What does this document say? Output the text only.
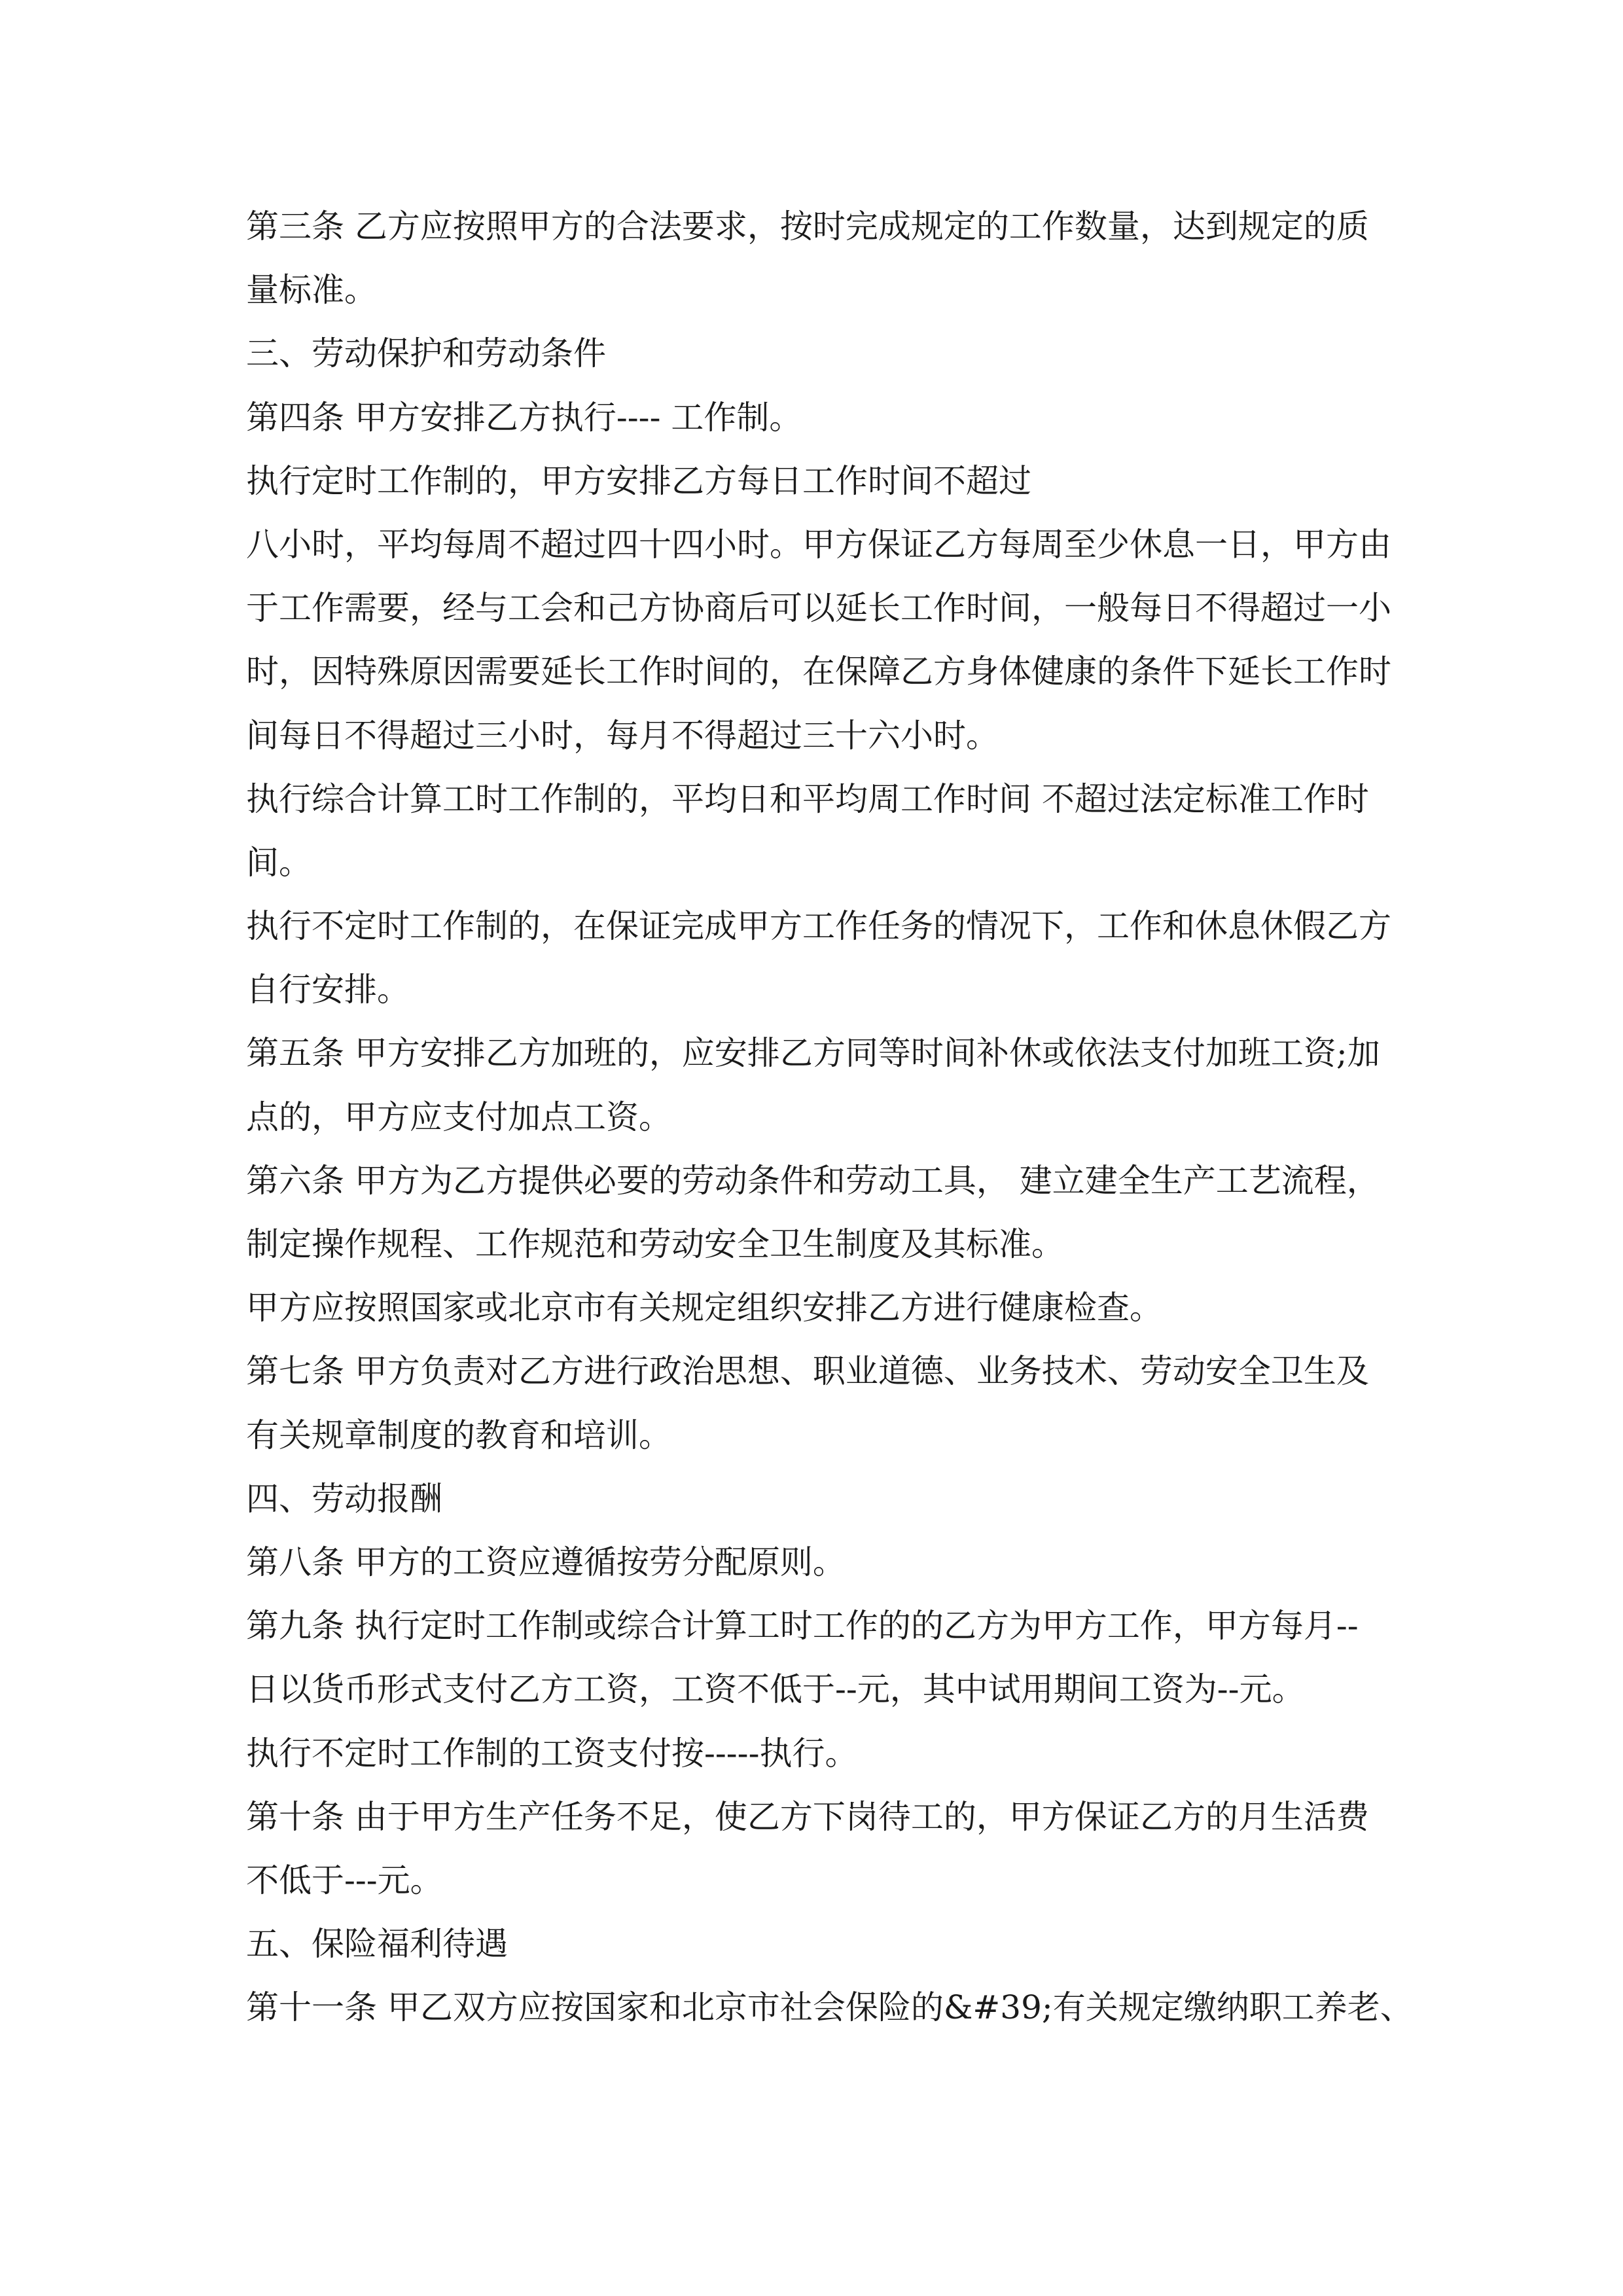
第三条 乙方应按照甲方的合法要求，按时完成规定的工作数量，达到规定的质
量标准。
三、劳动保护和劳动条件
第四条 甲方安排乙方执行---- 工作制。
执行定时工作制的，甲方安排乙方每日工作时间不超过
八小时，平均每周不超过四十四小时。甲方保证乙方每周至少休息一日，甲方由
于工作需要，经与工会和己方协商后可以延长工作时间，一般每日不得超过一小
时，因特殊原因需要延长工作时间的，在保障乙方身体健康的条件下延长工作时
间每日不得超过三小时，每月不得超过三十六小时。
执行综合计算工时工作制的，平均日和平均周工作时间 不超过法定标准工作时
间。
执行不定时工作制的，在保证完成甲方工作任务的情况下，工作和休息休假乙方
自行安排。
第五条 甲方安排乙方加班的，应安排乙方同等时间补休或依法支付加班工资;加
点的，甲方应支付加点工资。
第六条 甲方为乙方提供必要的劳动条件和劳动工具， 建立建全生产工艺流程，
制定操作规程、工作规范和劳动安全卫生制度及其标准。
甲方应按照国家或北京市有关规定组织安排乙方进行健康检查。
第七条 甲方负责对乙方进行政治思想、职业道德、业务技术、劳动安全卫生及
有关规章制度的教育和培训。
四、劳动报酬
第八条 甲方的工资应遵循按劳分配原则。
第九条 执行定时工作制或综合计算工时工作的的乙方为甲方工作，甲方每月--
日以货币形式支付乙方工资，工资不低于--元，其中试用期间工资为--元。
执行不定时工作制的工资支付按-----执行。
第十条 由于甲方生产任务不足，使乙方下岗待工的，甲方保证乙方的月生活费
不低于---元。
五、保险福利待遇
第十一条 甲乙双方应按国家和北京市社会保险的&#39;有关规定缴纳职工养老、
